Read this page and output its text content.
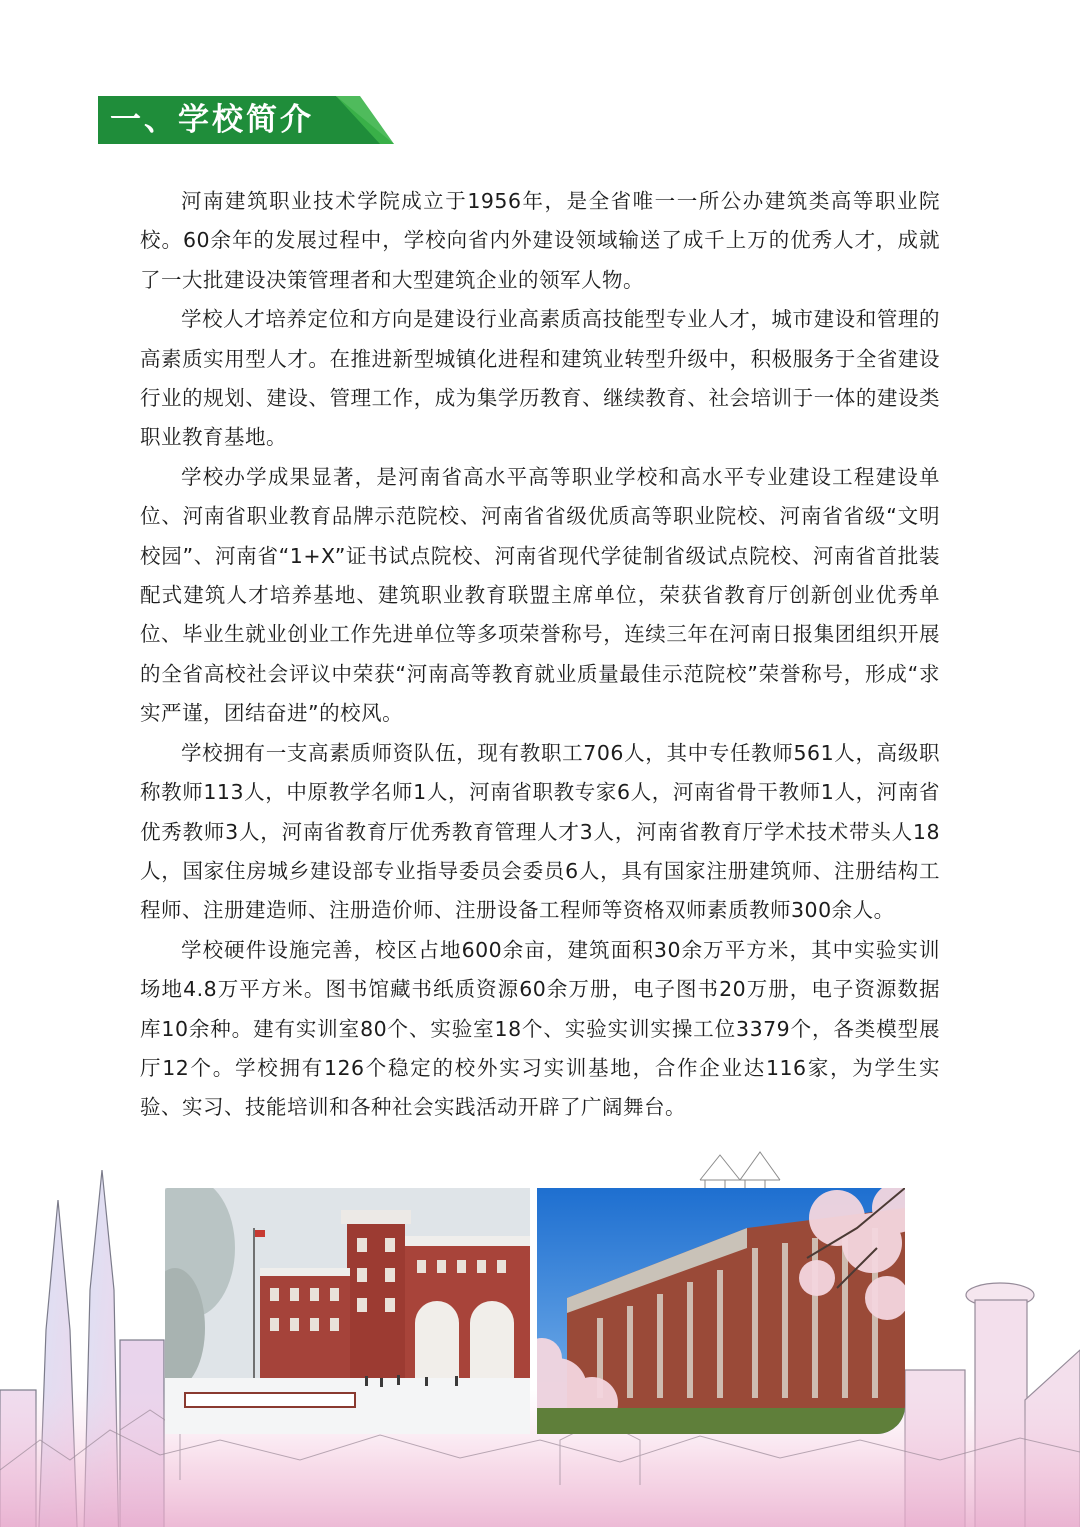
一、学校简介

河南建筑职业技术学院成立于1956年，是全省唯一一所公办建筑类高等职业院校。60余年的发展过程中，学校向省内外建设领域输送了成千上万的优秀人才，成就了一大批建设决策管理者和大型建筑企业的领军人物。

学校人才培养定位和方向是建设行业高素质高技能型专业人才，城市建设和管理的高素质实用型人才。在推进新型城镇化进程和建筑业转型升级中，积极服务于全省建设行业的规划、建设、管理工作，成为集学历教育、继续教育、社会培训于一体的建设类职业教育基地。

学校办学成果显著，是河南省高水平高等职业学校和高水平专业建设工程建设单位、河南省职业教育品牌示范院校、河南省省级优质高等职业院校、河南省省级“文明校园”、河南省“1+X”证书试点院校、河南省现代学徒制省级试点院校、河南省首批装配式建筑人才培养基地、建筑职业教育联盟主席单位，荣获省教育厅创新创业优秀单位、毕业生就业创业工作先进单位等多项荣誉称号，连续三年在河南日报集团组织开展的全省高校社会评议中荣获“河南高等教育就业质量最佳示范院校”荣誉称号，形成“求实严谨，团结奋进”的校风。

学校拥有一支高素质师资队伍，现有教职工706人，其中专任教师561人，高级职称教师113人，中原教学名师1人，河南省职教专家6人，河南省骨干教师1人，河南省优秀教师3人，河南省教育厅优秀教育管理人才3人，河南省教育厅学术技术带头人18人，国家住房城乡建设部专业指导委员会委员6人，具有国家注册建筑师、注册结构工程师、注册建造师、注册造价师、注册设备工程师等资格双师素质教师300余人。

学校硬件设施完善，校区占地600余亩，建筑面积30余万平方米，其中实验实训场地4.8万平方米。图书馆藏书纸质资源60余万册，电子图书20万册，电子资源数据库10余种。建有实训室80个、实验室18个、实验实训实操工位3379个，各类模型展厅12个。学校拥有126个稳定的校外实习实训基地，合作企业达116家，为学生实验、实习、技能培训和各种社会实践活动开辟了广阔舞台。
